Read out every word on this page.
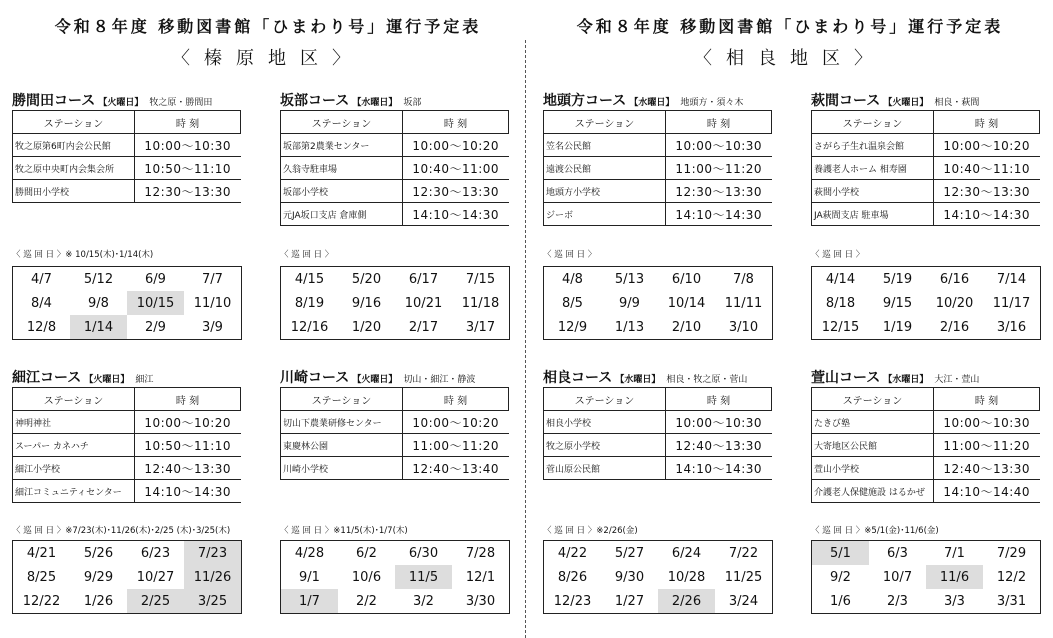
令和８年度 移動図書館「ひまわり号」運行予定表
〈榛原地区〉
令和８年度 移動図書館「ひまわり号」運行予定表
〈相良地区〉
勝間田コース 【火曜日】 牧之原・勝間田
ステーション	時 刻
牧之原第6町内会公民館	10:00～10:30
牧之原中央町内会集会所	10:50～11:10
勝間田小学校	12:30～13:30
〈 巡 回 日 〉※ 10/15(木)･1/14(木)
4/7	5/12	6/9	7/7
8/4	9/8	10/15	11/10
12/8	1/14	2/9	3/9
坂部コース 【水曜日】 坂部
ステーション	時 刻
坂部第2農業センター	10:00～10:20
久翁寺駐車場	10:40～11:00
坂部小学校	12:30～13:30
元JA坂口支店 倉庫側	14:10～14:30
〈 巡 回 日 〉
4/15	5/20	6/17	7/15
8/19	9/16	10/21	11/18
12/16	1/20	2/17	3/17
地頭方コース 【水曜日】 地頭方・須々木
ステーション	時 刻
笠名公民館	10:00～10:30
遠渡公民館	11:00～11:20
地頭方小学校	12:30～13:30
ジーボ	14:10～14:30
〈 巡 回 日 〉
4/8	5/13	6/10	7/8
8/5	9/9	10/14	11/11
12/9	1/13	2/10	3/10
萩間コース 【火曜日】 相良・萩間
ステーション	時 刻
さがら子生れ温泉会館	10:00～10:20
養護老人ホーム 相寿園	10:40～11:10
萩間小学校	12:30～13:30
JA萩間支店 駐車場	14:10～14:30
〈 巡 回 日 〉
4/14	5/19	6/16	7/14
8/18	9/15	10/20	11/17
12/15	1/19	2/16	3/16
細江コース 【火曜日】 細江
ステーション	時 刻
神明神社	10:00～10:20
スーパー カネハチ	10:50～11:10
細江小学校	12:40～13:30
細江コミュニティセンター	14:10～14:30
〈 巡 回 日 〉※7/23(木)･11/26(木)･2/25 (木)･3/25(木)
4/21	5/26	6/23	7/23
8/25	9/29	10/27	11/26
12/22	1/26	2/25	3/25
川崎コース 【火曜日】 切山・細江・静波
ステーション	時 刻
切山下農業研修センター	10:00～10:20
東慶林公園	11:00～11:20
川崎小学校	12:40～13:40
〈 巡 回 日 〉※11/5(木)･1/7(木)
4/28	6/2	6/30	7/28
9/1	10/6	11/5	12/1
1/7	2/2	3/2	3/30
相良コース 【水曜日】 相良・牧之原・菅山
ステーション	時 刻
相良小学校	10:00～10:30
牧之原小学校	12:40～13:30
菅山原公民館	14:10～14:30
〈 巡 回 日 〉※2/26(金)
4/22	5/27	6/24	7/22
8/26	9/30	10/28	11/25
12/23	1/27	2/26	3/24
萱山コース 【水曜日】 大江・萱山
ステーション	時 刻
たきび塾	10:00～10:30
大寄地区公民館	11:00～11:20
萱山小学校	12:40～13:30
介護老人保健施設 はるかぜ	14:10～14:40
〈 巡 回 日 〉※5/1(金)･11/6(金)
5/1	6/3	7/1	7/29
9/2	10/7	11/6	12/2
1/6	2/3	3/3	3/31
